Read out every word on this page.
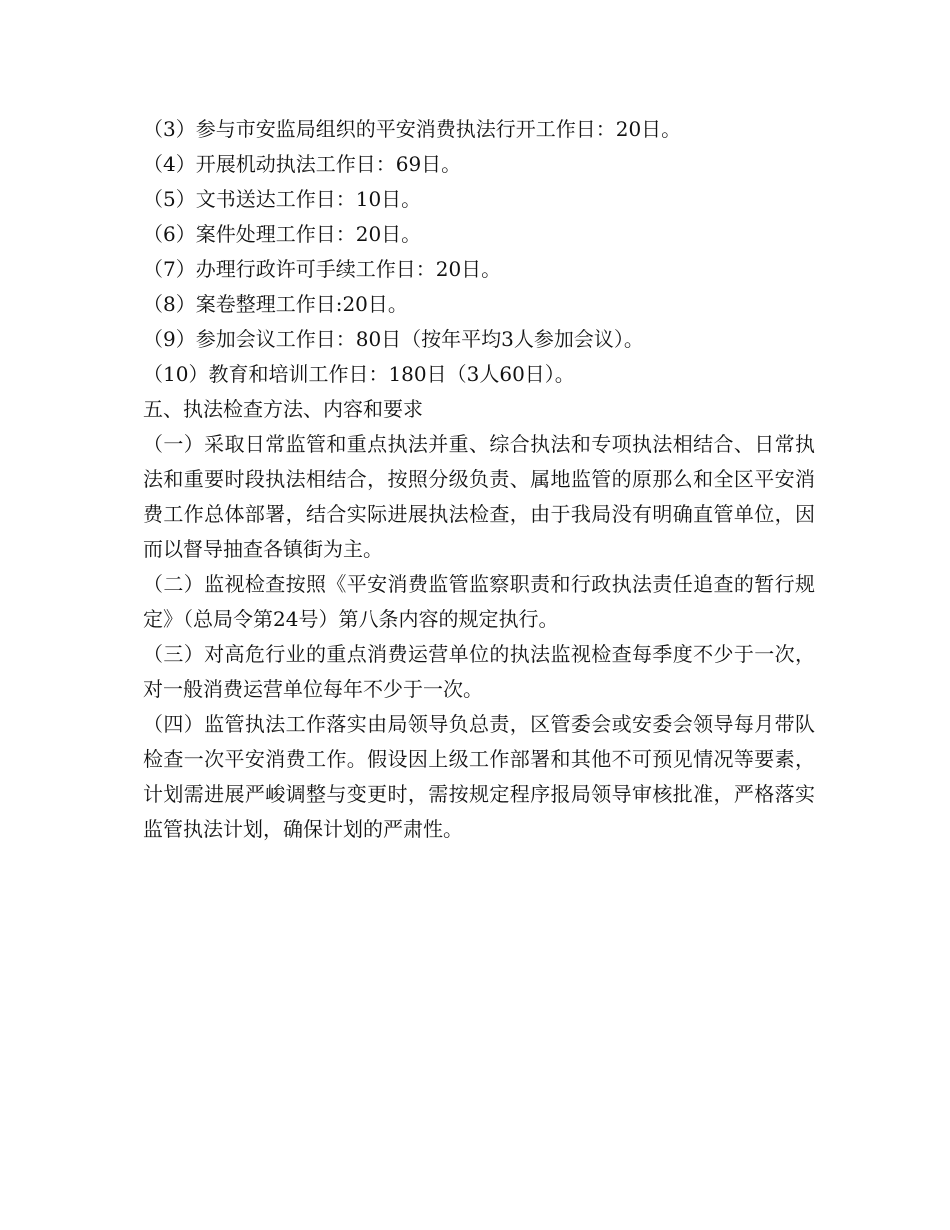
（3）参与市安监局组织的平安消费执法行开工作日：20日。
（4）开展机动执法工作日：69日。
（5）文书送达工作日：10日。
（6）案件处理工作日：20日。
（7）办理行政许可手续工作日：20日。
（8）案卷整理工作日:20日。
（9）参加会议工作日：80日（按年平均3人参加会议）。
（10）教育和培训工作日：180日（3人60日）。
五、执法检查方法、内容和要求

（一）采取日常监管和重点执法并重、综合执法和专项执法相结合、日常执法和重要时段执法相结合，按照分级负责、属地监管的原那么和全区平安消费工作总体部署，结合实际进展执法检查，由于我局没有明确直管单位，因而以督导抽查各镇街为主。

（二）监视检查按照《平安消费监管监察职责和行政执法责任追查的暂行规定》（总局令第24号）第八条内容的规定执行。

（三）对高危行业的重点消费运营单位的执法监视检查每季度不少于一次，对一般消费运营单位每年不少于一次。

（四）监管执法工作落实由局领导负总责，区管委会或安委会领导每月带队检查一次平安消费工作。假设因上级工作部署和其他不可预见情况等要素，计划需进展严峻调整与变更时，需按规定程序报局领导审核批准，严格落实监管执法计划，确保计划的严肃性。
